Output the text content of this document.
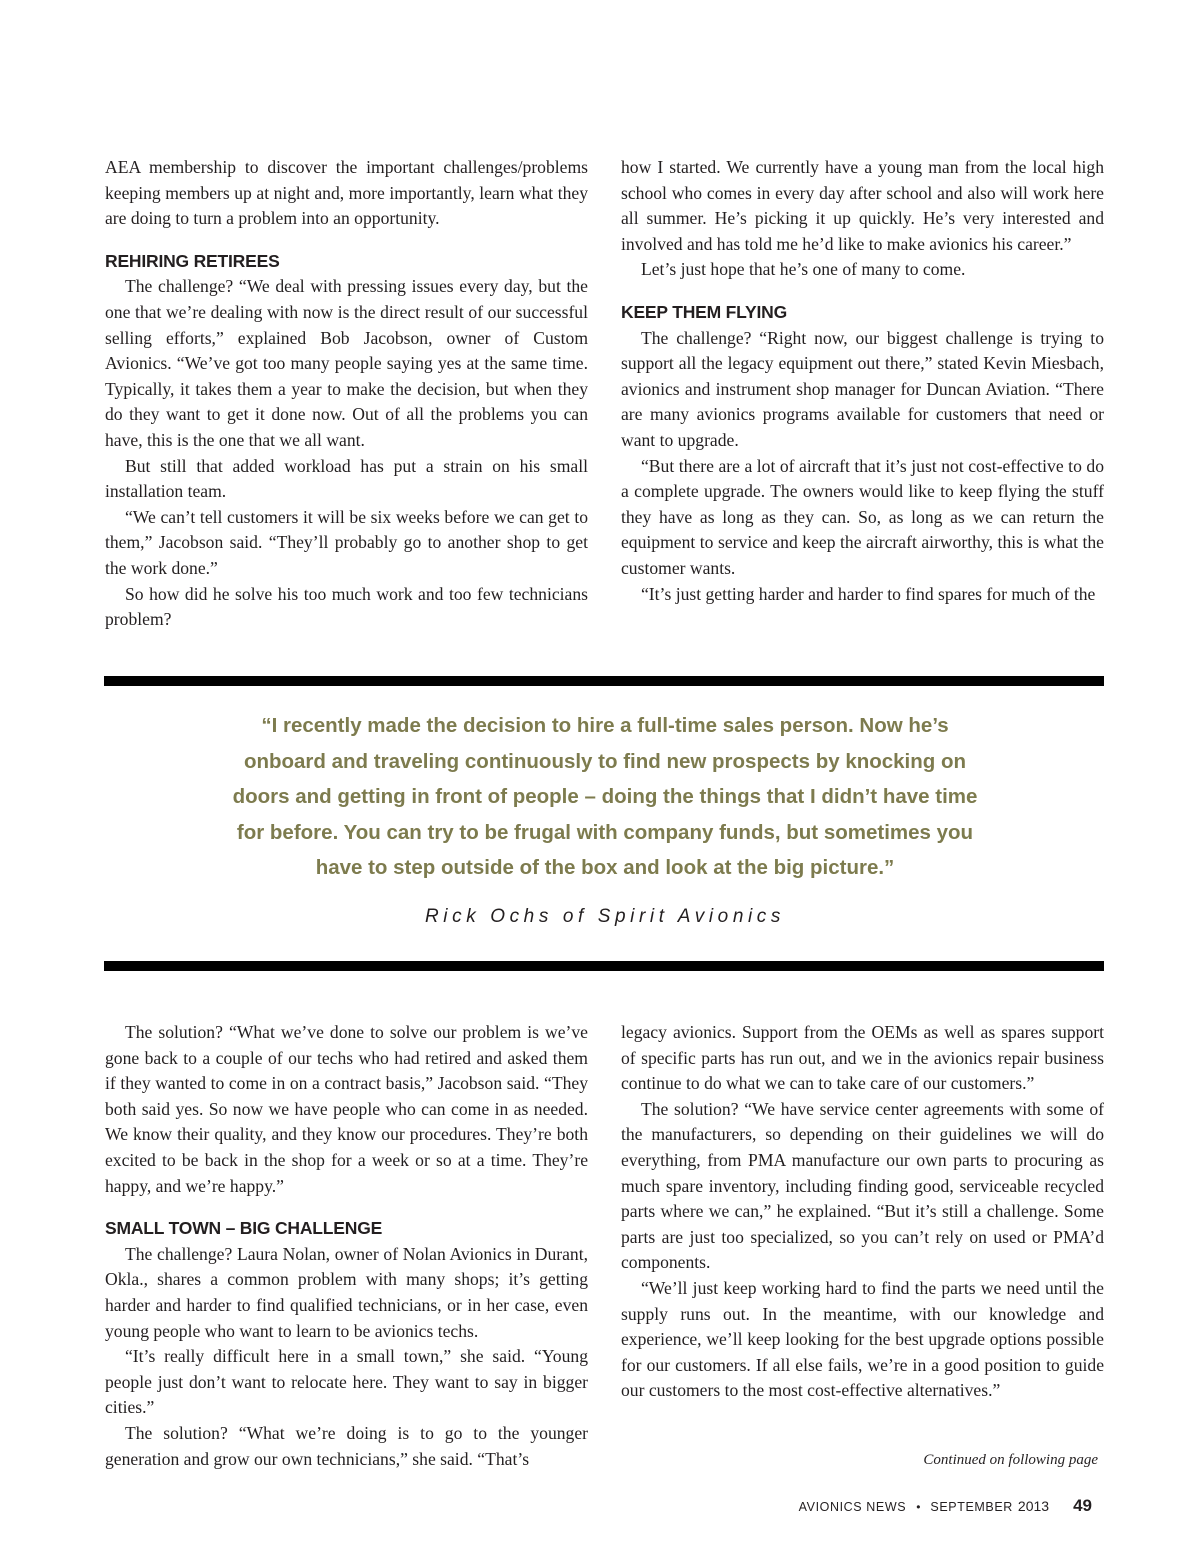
AEA membership to discover the important challenges/problems keeping members up at night and, more importantly, learn what they are doing to turn a problem into an opportunity.

REHIRING RETIREES

The challenge? “We deal with pressing issues every day, but the one that we’re dealing with now is the direct result of our successful selling efforts,” explained Bob Jacobson, owner of Custom Avionics. “We’ve got too many people saying yes at the same time. Typically, it takes them a year to make the decision, but when they do they want to get it done now. Out of all the problems you can have, this is the one that we all want.

But still that added workload has put a strain on his small installation team.

“We can’t tell customers it will be six weeks before we can get to them,” Jacobson said. “They’ll probably go to another shop to get the work done.”

So how did he solve his too much work and too few technicians problem?

how I started. We currently have a young man from the local high school who comes in every day after school and also will work here all summer. He’s picking it up quickly. He’s very interested and involved and has told me he’d like to make avionics his career.”

Let’s just hope that he’s one of many to come.

KEEP THEM FLYING

The challenge? “Right now, our biggest challenge is trying to support all the legacy equipment out there,” stated Kevin Miesbach, avionics and instrument shop manager for Duncan Aviation. “There are many avionics programs available for customers that need or want to upgrade.

“But there are a lot of aircraft that it’s just not cost-effective to do a complete upgrade. The owners would like to keep flying the stuff they have as long as they can. So, as long as we can return the equipment to service and keep the aircraft airworthy, this is what the customer wants.

“It’s just getting harder and harder to find spares for much of the

“I recently made the decision to hire a full-time sales person. Now he’s
onboard and traveling continuously to find new prospects by knocking on
doors and getting in front of people – doing the things that I didn’t have time
for before. You can try to be frugal with company funds, but sometimes you
have to step outside of the box and look at the big picture.”
Rick Ochs of Spirit Avionics

The solution? “What we’ve done to solve our problem is we’ve gone back to a couple of our techs who had retired and asked them if they wanted to come in on a contract basis,” Jacobson said. “They both said yes. So now we have people who can come in as needed. We know their quality, and they know our procedures. They’re both excited to be back in the shop for a week or so at a time. They’re happy, and we’re happy.”

SMALL TOWN – BIG CHALLENGE

The challenge? Laura Nolan, owner of Nolan Avionics in Durant, Okla., shares a common problem with many shops; it’s getting harder and harder to find qualified technicians, or in her case, even young people who want to learn to be avionics techs.

“It’s really difficult here in a small town,” she said. “Young people just don’t want to relocate here. They want to say in bigger cities.”

The solution? “What we’re doing is to go to the younger generation and grow our own technicians,” she said. “That’s

legacy avionics. Support from the OEMs as well as spares support of specific parts has run out, and we in the avionics repair business continue to do what we can to take care of our customers.”

The solution? “We have service center agreements with some of the manufacturers, so depending on their guidelines we will do everything, from PMA manufacture our own parts to procuring as much spare inventory, including finding good, serviceable recycled parts where we can,” he explained. “But it’s still a challenge. Some parts are just too specialized, so you can’t rely on used or PMA’d components.

“We’ll just keep working hard to find the parts we need until the supply runs out. In the meantime, with our knowledge and experience, we’ll keep looking for the best upgrade options possible for our customers. If all else fails, we’re in a good position to guide our customers to the most cost-effective alternatives.”

Continued on following page
AVIONICS NEWS • SEPTEMBER 2013 49
